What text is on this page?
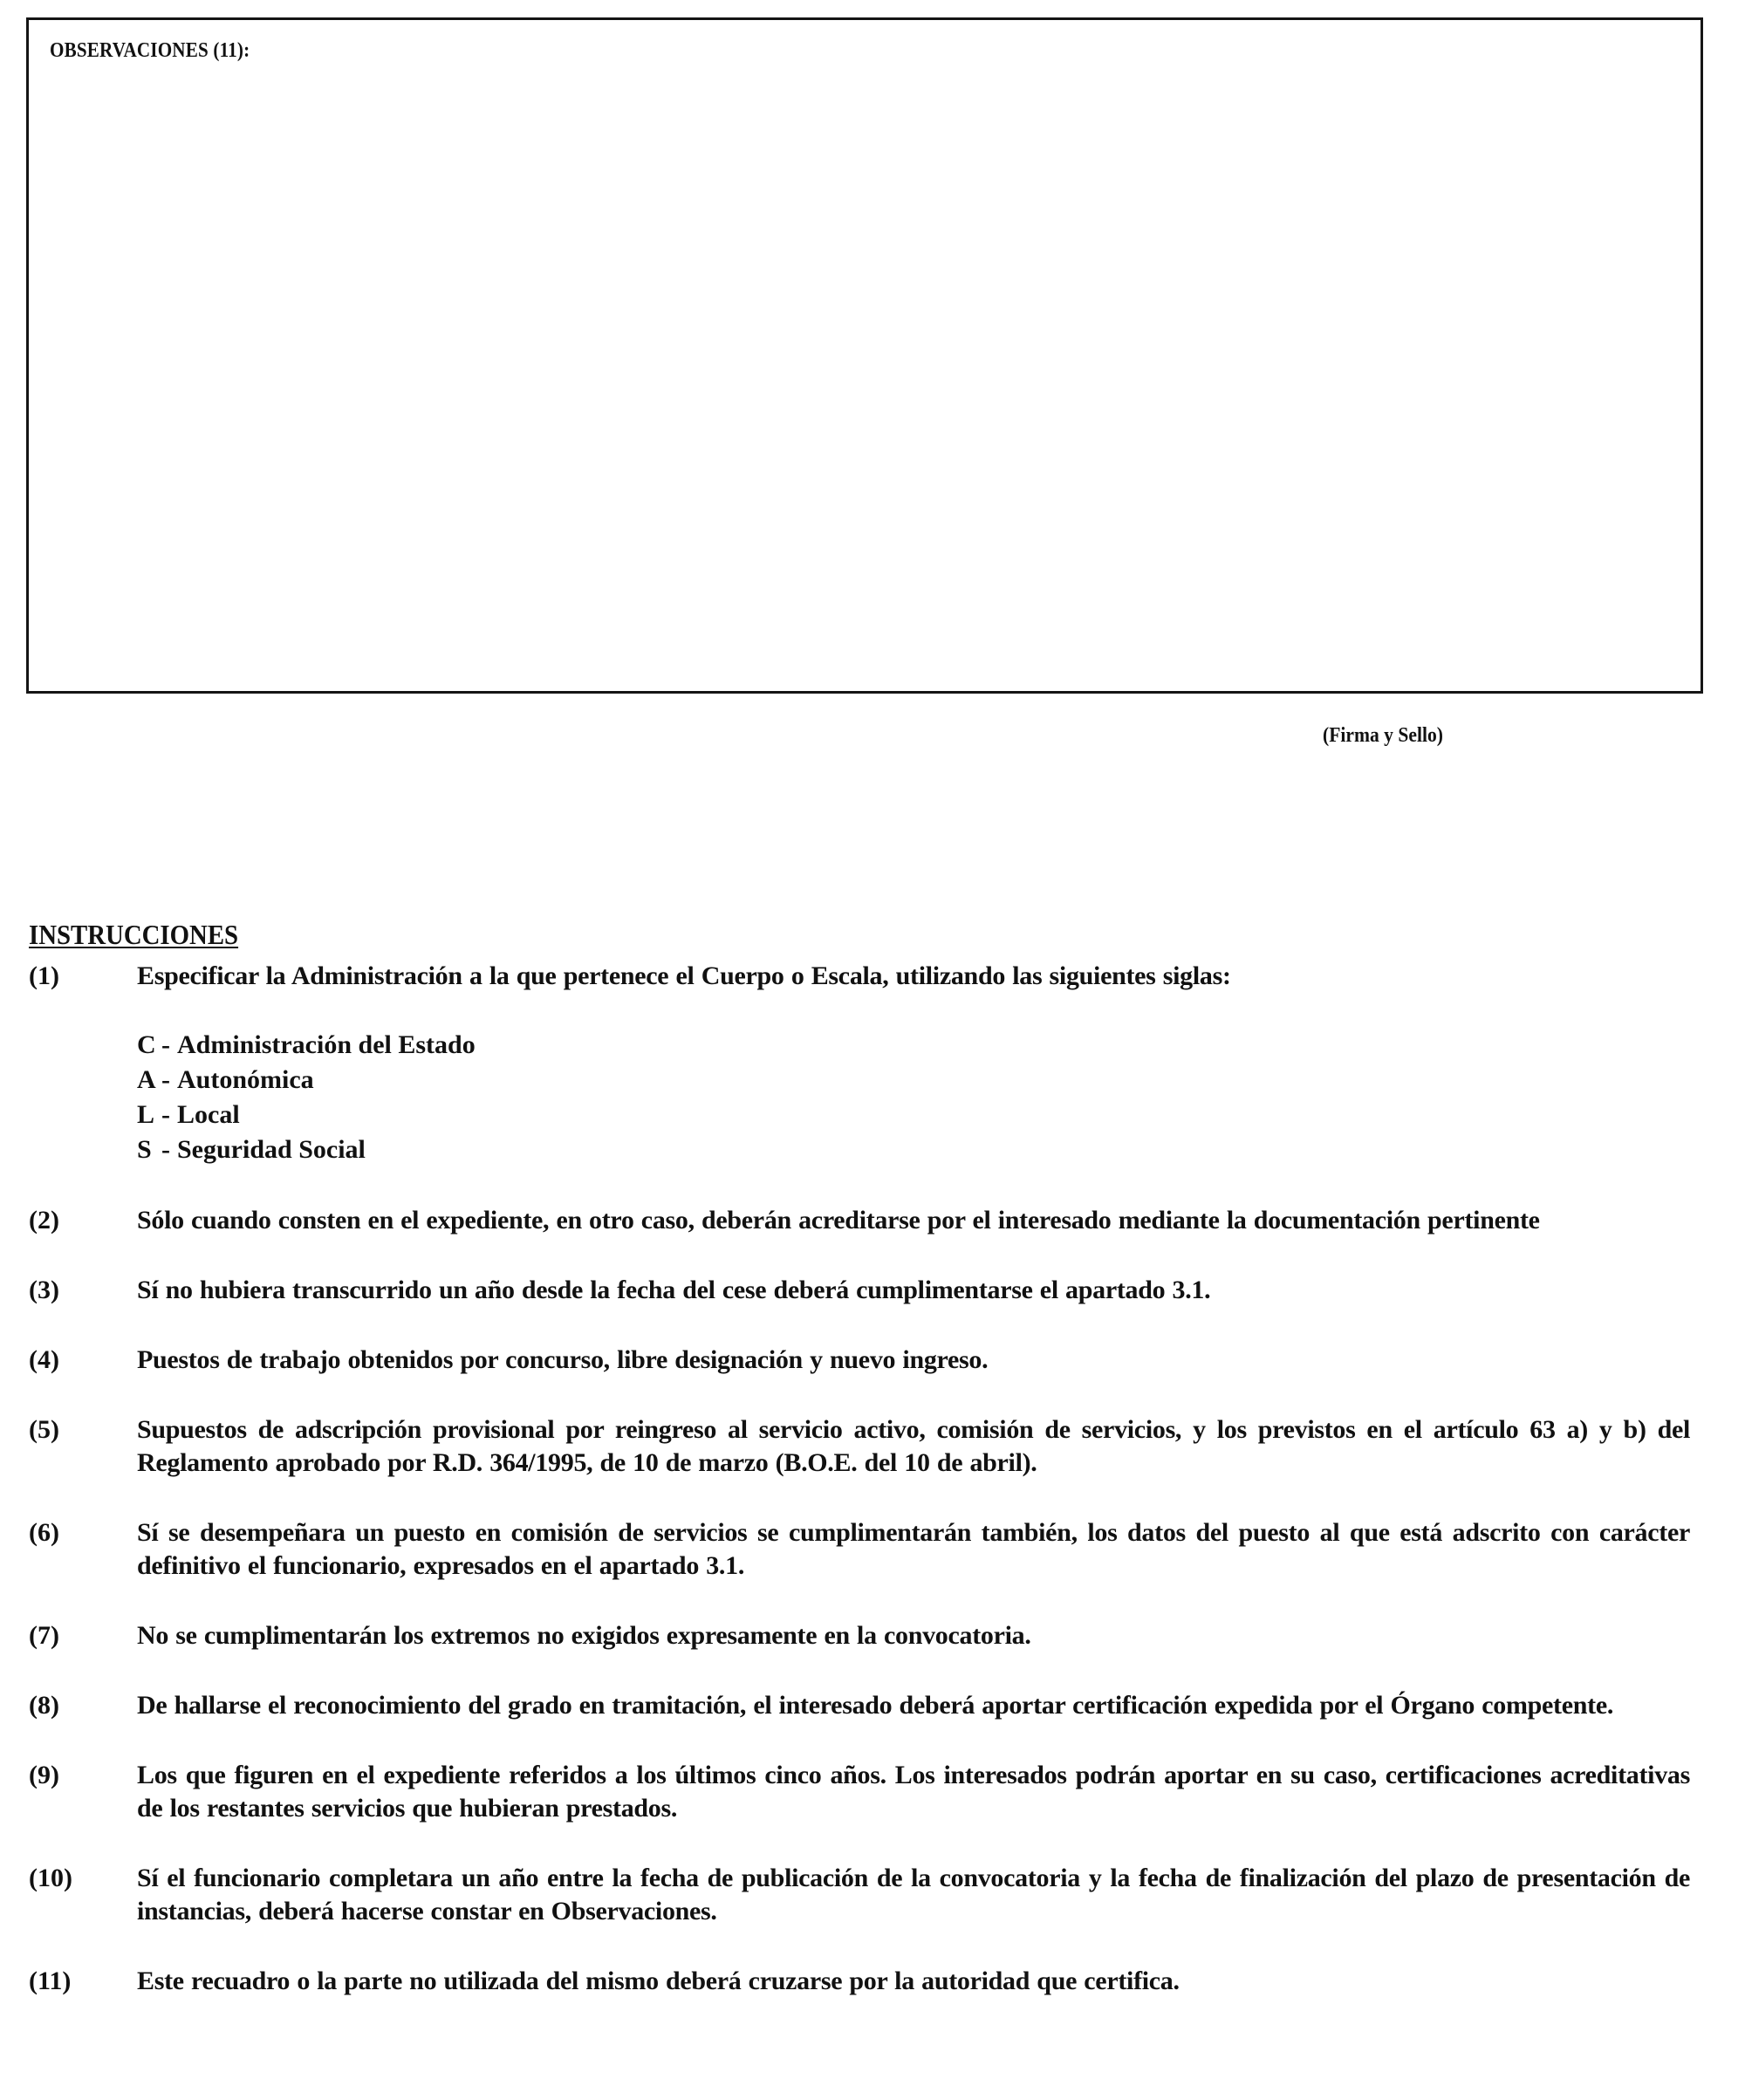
OBSERVACIONES (11):
(Firma y Sello)
INSTRUCCIONES
(1)	Especificar la Administración a la que pertenece el Cuerpo o Escala, utilizando las siguientes siglas:
C - Administración del Estado
A - Autonómica
L - Local
S - Seguridad Social
(2)	Sólo cuando consten en el expediente, en otro caso, deberán acreditarse por el interesado mediante la documentación pertinente
(3)	Sí no hubiera transcurrido un año desde la fecha del cese deberá cumplimentarse el apartado 3.1.
(4)	Puestos de trabajo obtenidos por concurso, libre designación y nuevo ingreso.
(5)	Supuestos de adscripción provisional por reingreso al servicio activo, comisión de servicios, y los previstos en el artículo 63 a) y b) del Reglamento aprobado por R.D. 364/1995, de 10 de marzo (B.O.E. del 10 de abril).
(6)	Sí se desempeñara un puesto en comisión de servicios se cumplimentarán también, los datos del puesto al que está adscrito con carácter definitivo el funcionario, expresados en el apartado 3.1.
(7)	No se cumplimentarán los extremos no exigidos expresamente en la convocatoria.
(8)	De hallarse el reconocimiento del grado en tramitación, el interesado deberá aportar certificación expedida por el Órgano competente.
(9)	Los que figuren en el expediente referidos a los últimos cinco años. Los interesados podrán aportar en su caso, certificaciones acreditativas de los restantes servicios que hubieran prestados.
(10)	Sí el funcionario completara un año entre la fecha de publicación de la convocatoria y la fecha de finalización del plazo de presentación de instancias, deberá hacerse constar en Observaciones.
(11)	Este recuadro o la parte no utilizada del mismo deberá cruzarse por la autoridad que certifica.
